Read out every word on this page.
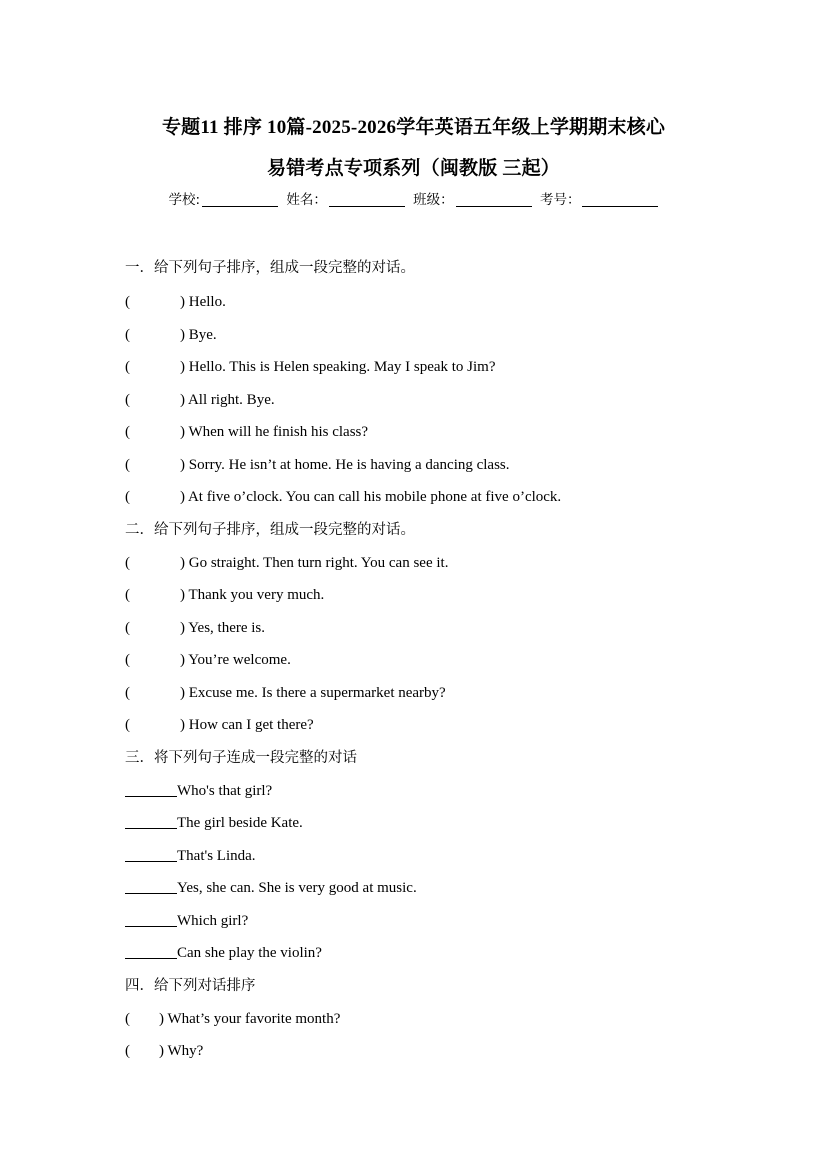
专题11 排序 10篇-2025-2026学年英语五年级上学期期末核心
易错考点专项系列（闽教版 三起）
学校:	姓名：	班级：	考号：
一．给下列句子排序，组成一段完整的对话。
(	) Hello.
(	) Bye.
(	) Hello. This is Helen speaking. May I speak to Jim?
(	) All right. Bye.
(	) When will he finish his class?
(	) Sorry. He isn’t at home. He is having a dancing class.
(	) At five o’clock. You can call his mobile phone at five o’clock.
二．给下列句子排序，组成一段完整的对话。
(	) Go straight. Then turn right. You can see it.
(	) Thank you very much.
(	) Yes, there is.
(	) You’re welcome.
(	) Excuse me. Is there a supermarket nearby?
(	) How can I get there?
三．将下列句子连成一段完整的对话
Who's that girl?
The girl beside Kate.
That's Linda.
Yes, she can. She is very good at music.
Which girl?
Can she play the violin?
四．给下列对话排序
( ) What’s your favorite month?
( ) Why?
